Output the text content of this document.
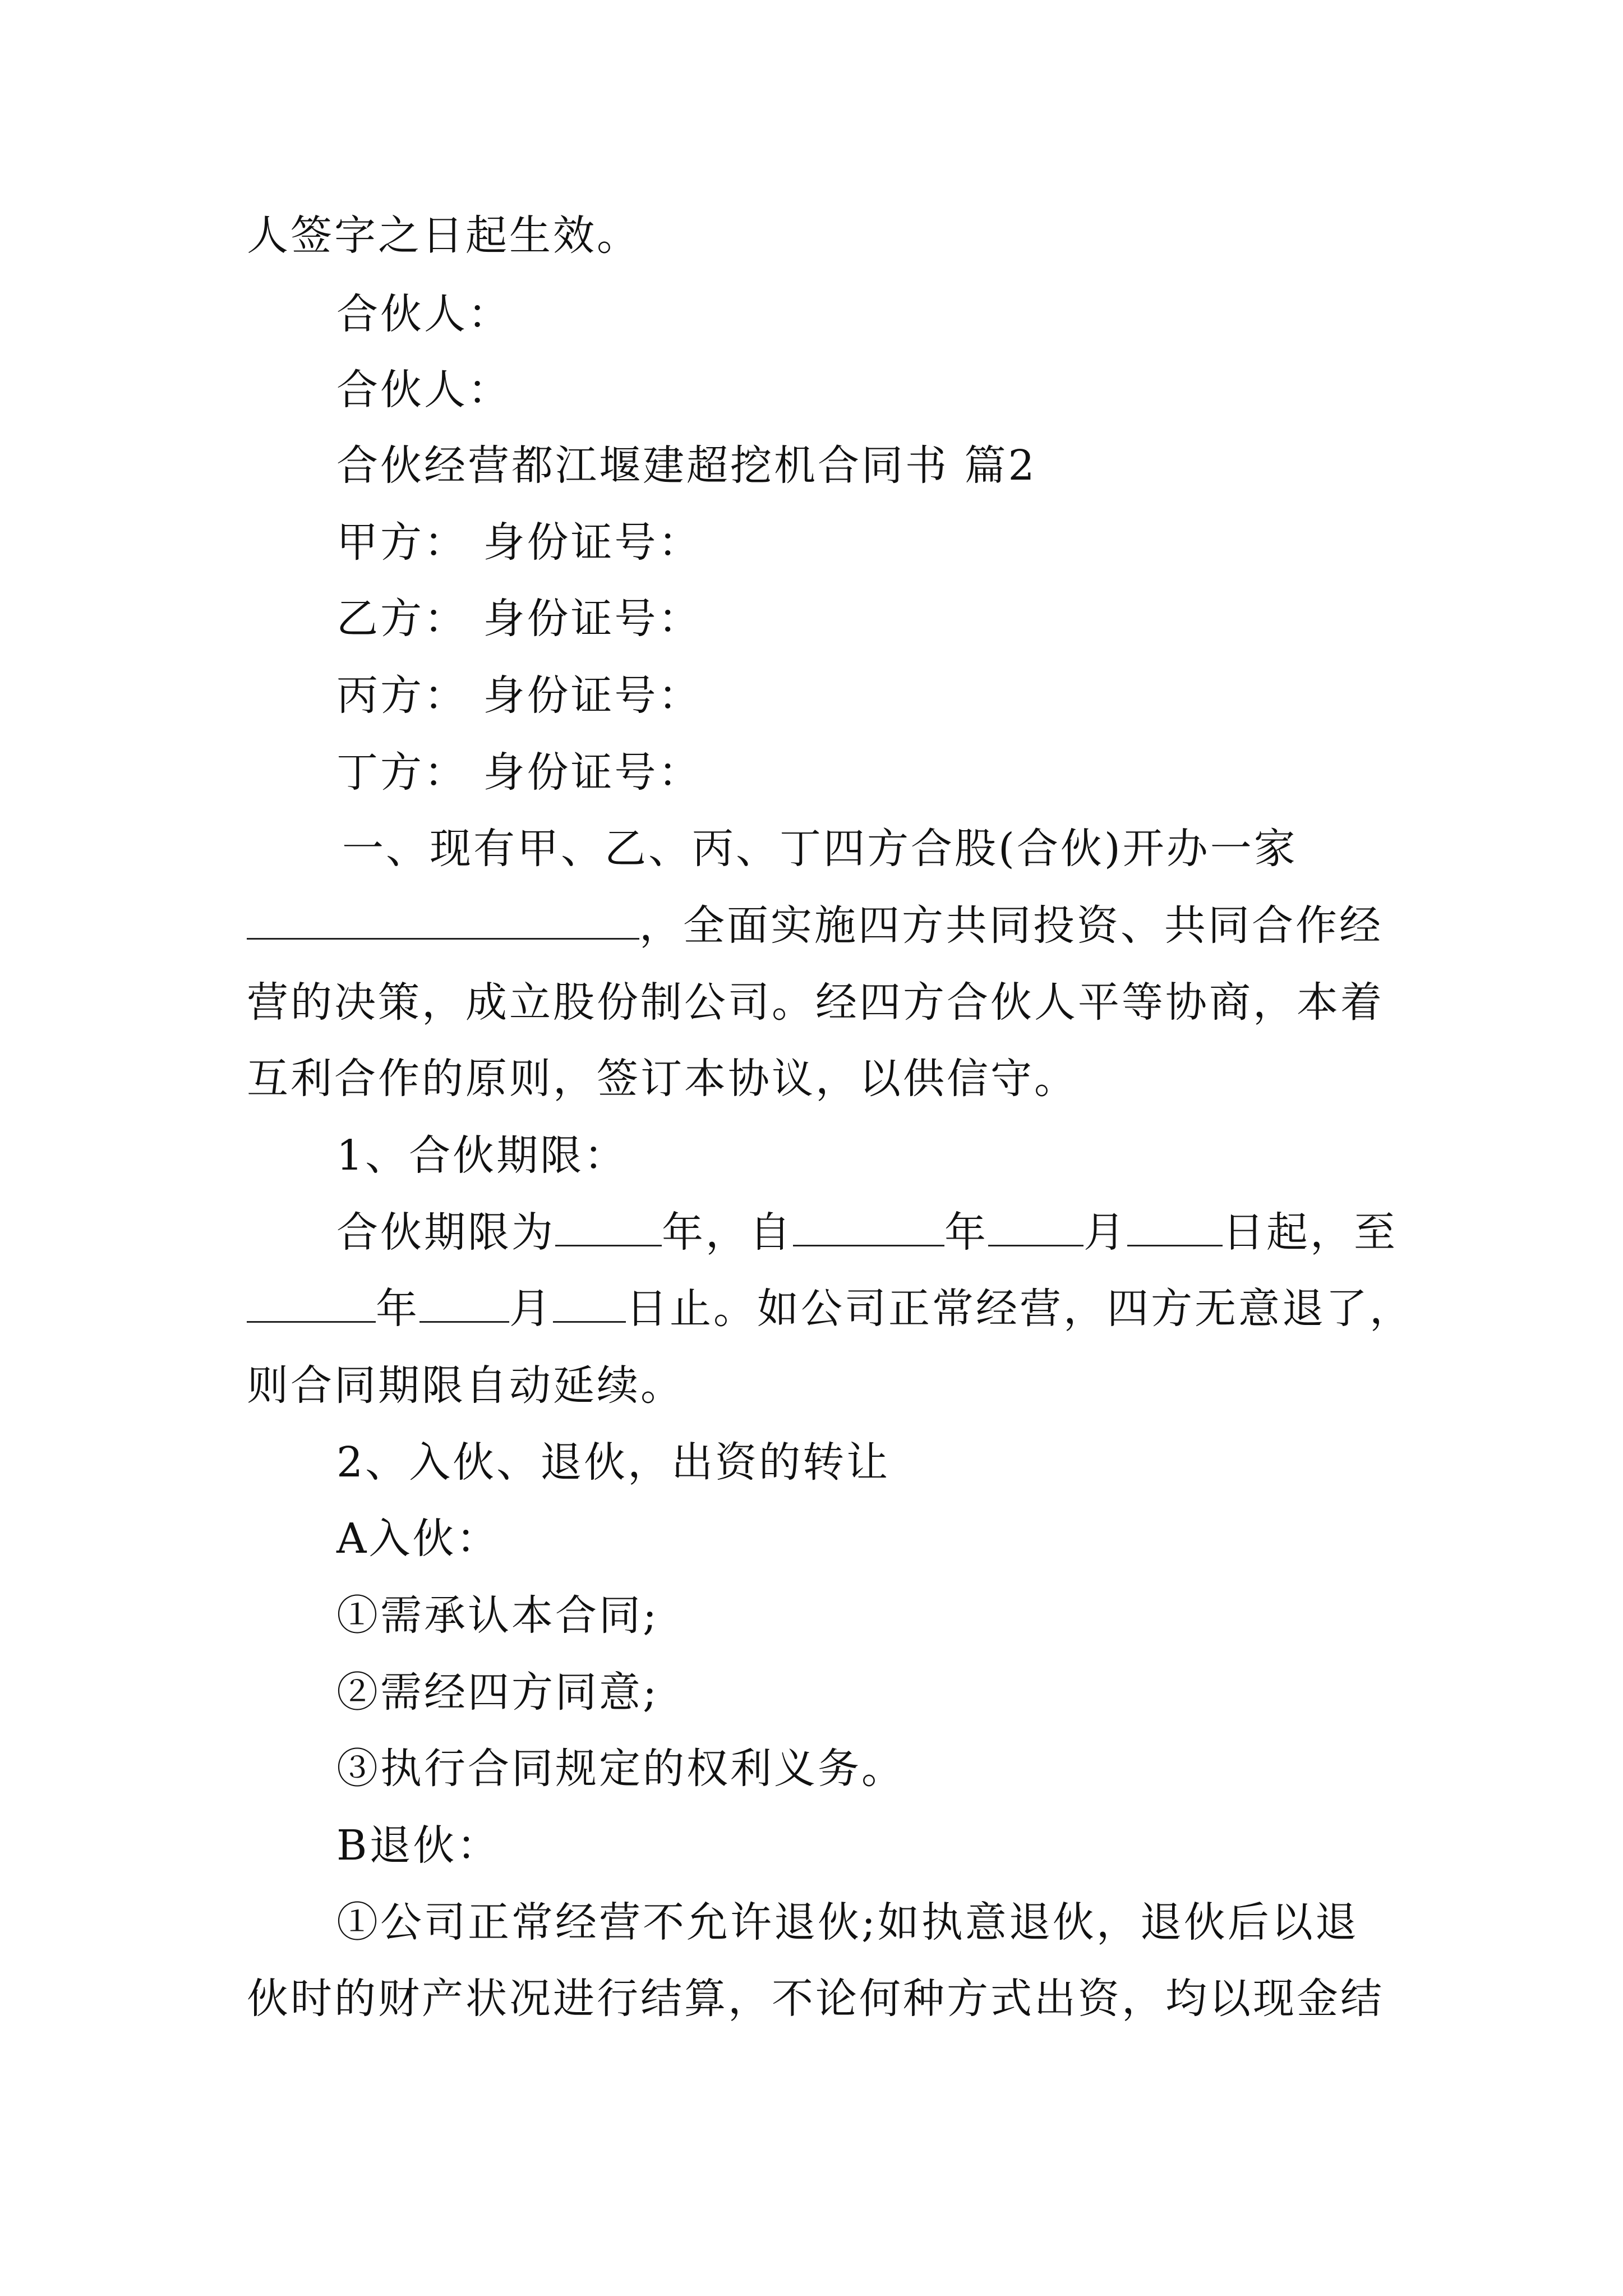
人签字之日起生效。
合伙人：
合伙人：
合伙经营都江堰建超挖机合同书 篇2
甲方： 身份证号：
乙方： 身份证号：
丙方： 身份证号：
丁方： 身份证号：
一、现有甲、乙、丙、丁四方合股(合伙)开办一家
，全面实施四方共同投资、共同合作经
营的决策，成立股份制公司。经四方合伙人平等协商，本着
互利合作的原则，签订本协议，以供信守。
1、合伙期限：
合伙期限为	年，自	年 月 日起，至
年 月 日止。如公司正常经营，四方无意退了，
则合同期限自动延续。
2、入伙、退伙，出资的转让
A入伙：
①需承认本合同;
②需经四方同意;
③执行合同规定的权利义务。
B退伙：
①公司正常经营不允许退伙;如执意退伙，退伙后以退
伙时的财产状况进行结算，不论何种方式出资，均以现金结
